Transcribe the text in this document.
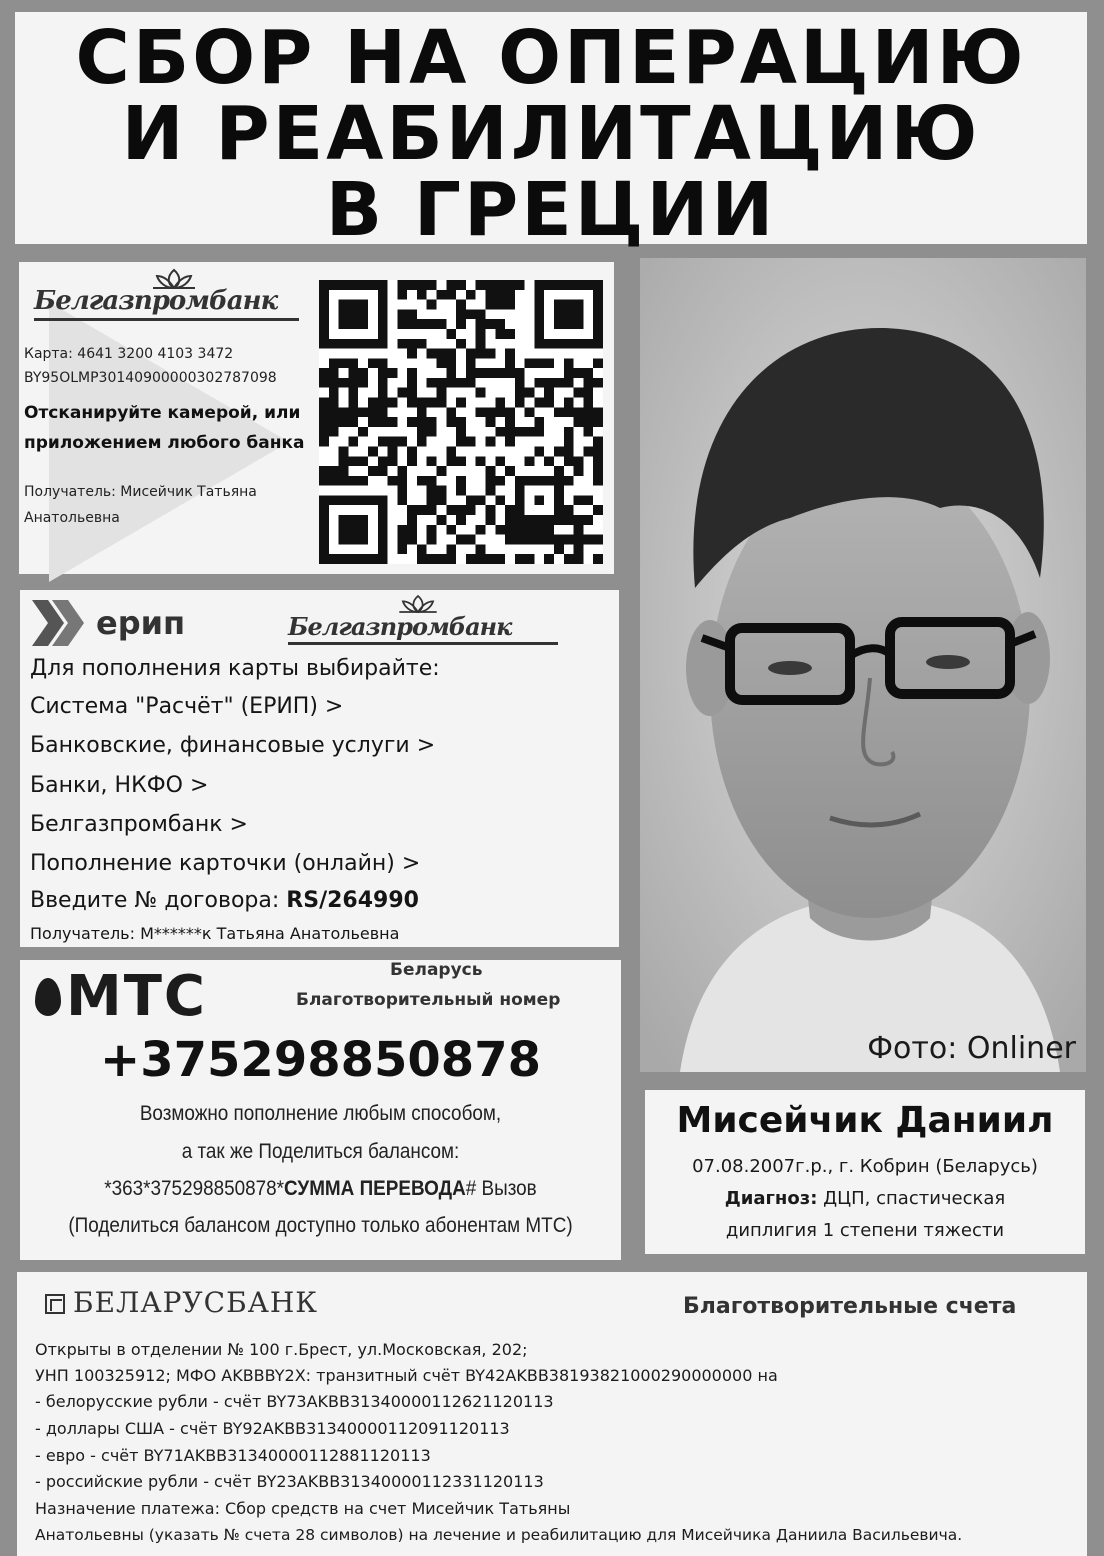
СБОР НА ОПЕРАЦИЮ
И РЕАБИЛИТАЦИЮ
В ГРЕЦИИ
Белгазпромбанк
Карта: 4641 3200 4103 3472
BY95OLMP30140900000302787098
Отсканируйте камерой, или приложением любого банка
Получатель: Мисейчик Татьяна
Анатольевна
ерип	Белгазпромбанк
Для пополнения карты выбирайте:
Система "Расчёт" (ЕРИП) >
Банковские, финансовые услуги >
Банки, НКФО >
Белгазпромбанк >
Пополнение карточки (онлайн) >
Введите № договора: RS/264990
Получатель: М******к Татьяна Анатольевна
МТС	Беларусь
Благотворительный номер
+375298850878
Возможно пополнение любым способом,
а так же Поделиться балансом:
*363*375298850878*СУММА ПЕРЕВОДА# Вызов
(Поделиться балансом доступно только абонентам МТС)
Фото: Onliner
Мисейчик Даниил
07.08.2007г.р., г. Кобрин (Беларусь)
Диагноз: ДЦП, спастическая
диплигия 1 степени тяжести
БЕЛАРУСБАНК	Благотворительные счета
Открыты в отделении № 100 г.Брест, ул.Московская, 202;
УНП 100325912; МФО AKBBBY2X: транзитный счёт BY42AKBB38193821000290000000 на
- белорусские рубли - счёт BY73AKBB31340000112621120113
- доллары США - счёт BY92AKBB31340000112091120113
- евро - счёт BY71AKBB31340000112881120113
- российские рубли - счёт BY23AKBB31340000112331120113
Назначение платежа: Сбор средств на счет Мисейчик Татьяны
Анатольевны (указать № счета 28 символов) на лечение и реабилитацию для Мисейчика Даниила Васильевича.
